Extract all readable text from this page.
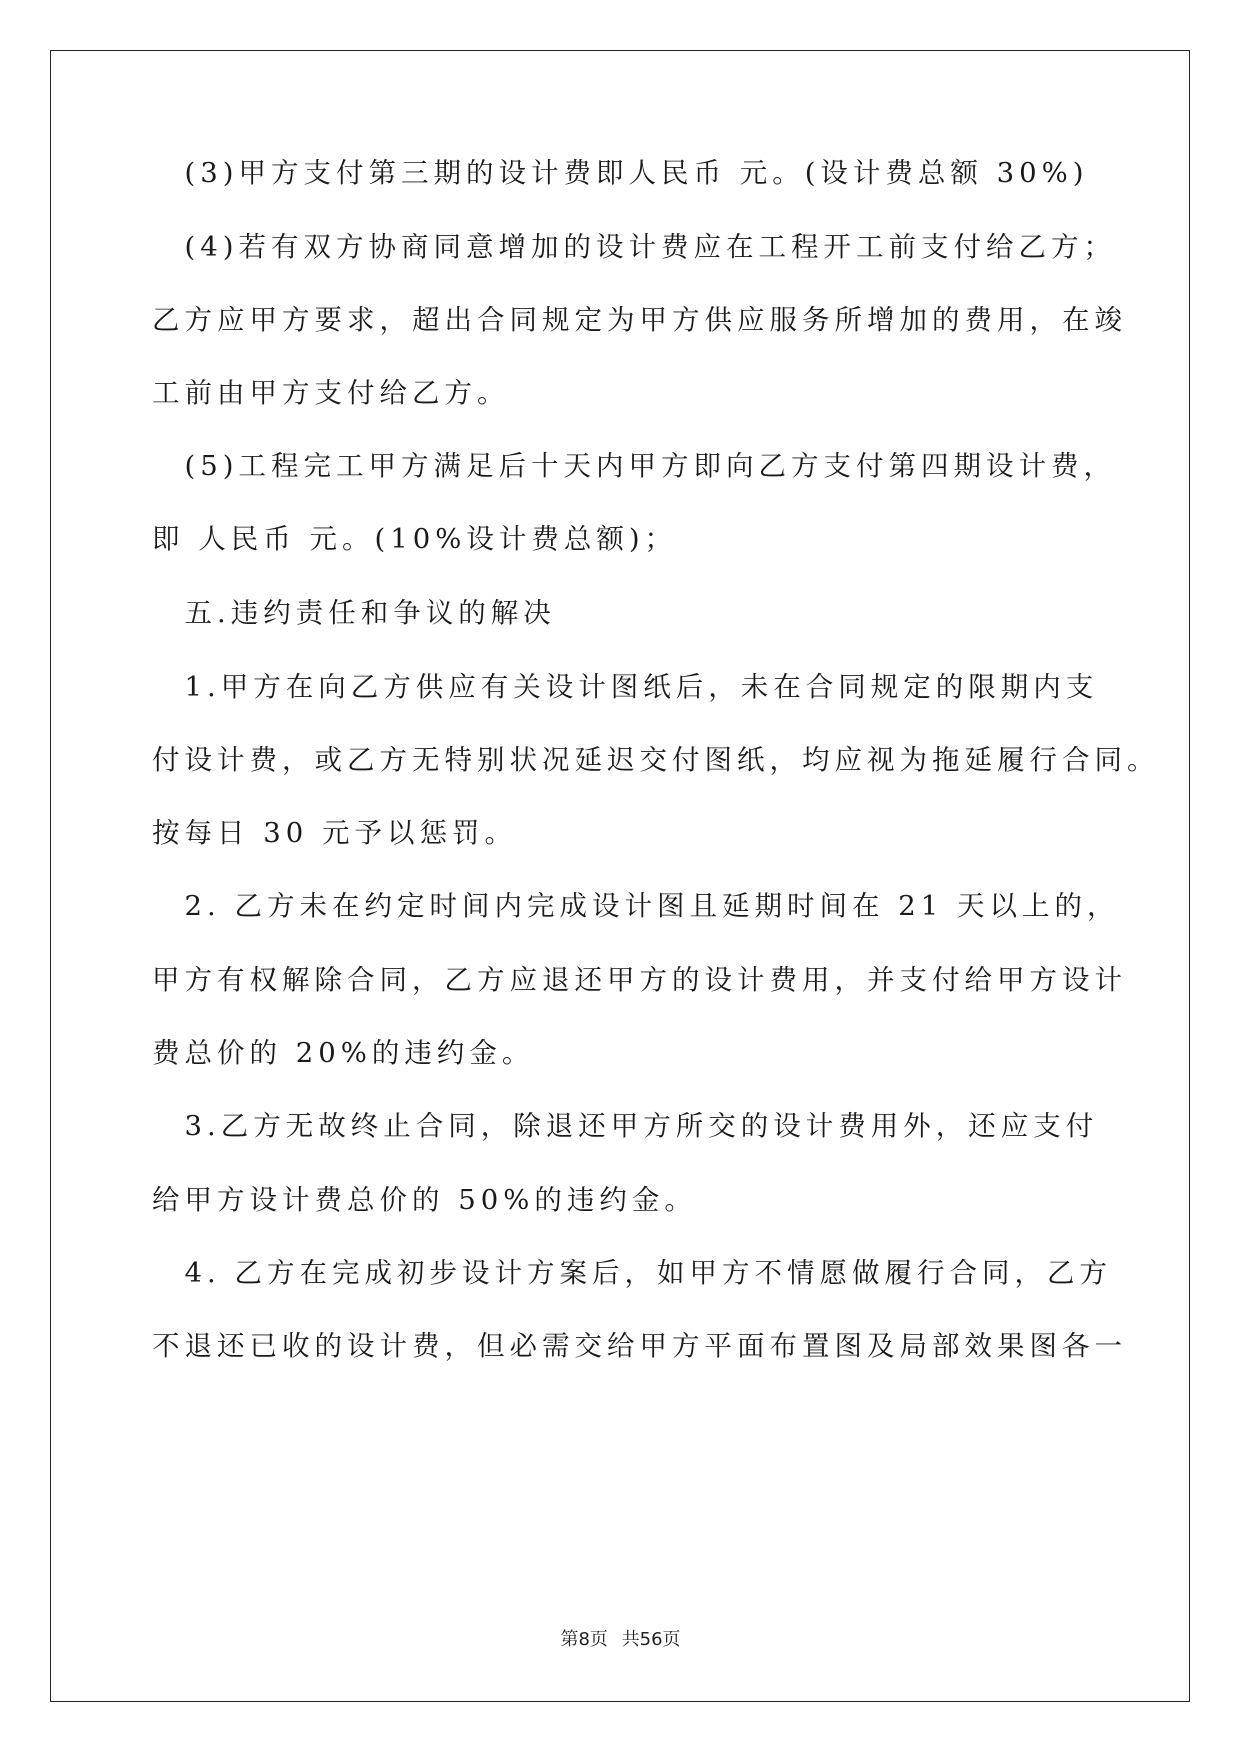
　(3)甲方支付第三期的设计费即人民币 元。(设计费总额 30%)
　(4)若有双方协商同意增加的设计费应在工程开工前支付给乙方；
乙方应甲方要求，超出合同规定为甲方供应服务所增加的费用，在竣
工前由甲方支付给乙方。
　(5)工程完工甲方满足后十天内甲方即向乙方支付第四期设计费，
即 人民币 元。(10%设计费总额)；
　五.违约责任和争议的解决
　1.甲方在向乙方供应有关设计图纸后，未在合同规定的限期内支
付设计费，或乙方无特别状况延迟交付图纸，均应视为拖延履行合同。
按每日 30 元予以惩罚。
　2. 乙方未在约定时间内完成设计图且延期时间在 21 天以上的，
甲方有权解除合同，乙方应退还甲方的设计费用，并支付给甲方设计
费总价的 20%的违约金。
　3.乙方无故终止合同，除退还甲方所交的设计费用外，还应支付
给甲方设计费总价的 50%的违约金。
　4. 乙方在完成初步设计方案后，如甲方不情愿做履行合同，乙方
不退还已收的设计费，但必需交给甲方平面布置图及局部效果图各一
第8页 共56页
